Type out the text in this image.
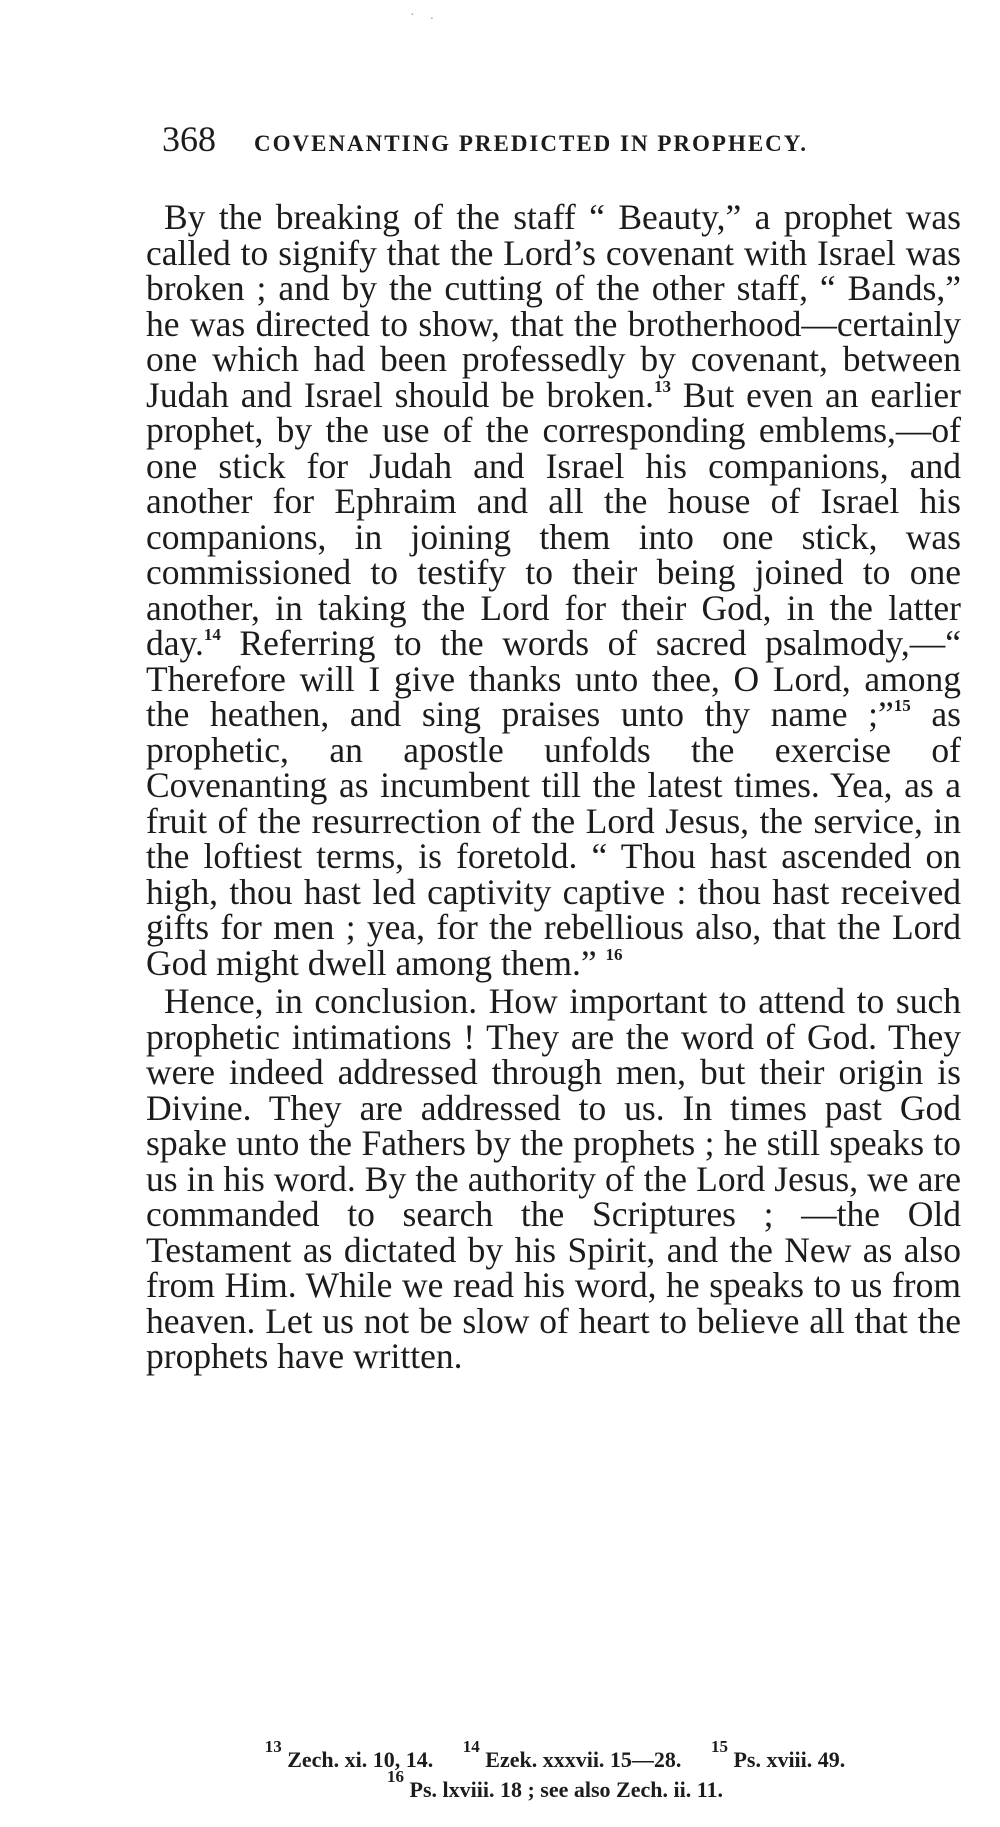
· .
368 COVENANTING PREDICTED IN PROPHECY.

By the breaking of the staff “ Beauty,” a prophet was called to signify that the Lord’s covenant with Israel was broken ; and by the cutting of the other staff, “ Bands,” he was directed to show, that the brotherhood—certainly one which had been professedly by covenant, between Judah and Israel should be broken.$^{13}$ But even an earlier prophet, by the use of the corresponding emblems,—of one stick for Judah and Israel his companions, and another for Ephraim and all the house of Israel his companions, in joining them into one stick, was commissioned to testify to their being joined to one another, in taking the Lord for their God, in the latter day.$^{14}$ Referring to the words of sacred psalmody,—“ Therefore will I give thanks unto thee, O Lord, among the heathen, and sing praises unto thy name ;”$^{15}$ as prophetic, an apostle unfolds the exercise of Covenanting as incumbent till the latest times. Yea, as a fruit of the resurrection of the Lord Jesus, the service, in the loftiest terms, is foretold. “ Thou hast ascended on high, thou hast led captivity captive : thou hast received gifts for men ; yea, for the rebellious also, that the Lord God might dwell among them.” $^{16}$

Hence, in conclusion. How important to attend to such prophetic intimations ! They are the word of God. They were indeed addressed through men, but their origin is Divine. They are addressed to us. In times past God spake unto the Fathers by the prophets ; he still speaks to us in his word. By the authority of the Lord Jesus, we are commanded to search the Scriptures ; —the Old Testament as dictated by his Spirit, and the New as also from Him. While we read his word, he speaks to us from heaven. Let us not be slow of heart to believe all that the prophets have written.

$^{13}$ Zech. xi. 10, 14. $^{14}$ Ezek. xxxvii. 15—28. $^{15}$ Ps. xviii. 49.
$^{16}$ Ps. lxviii. 18 ; see also Zech. ii. 11.
